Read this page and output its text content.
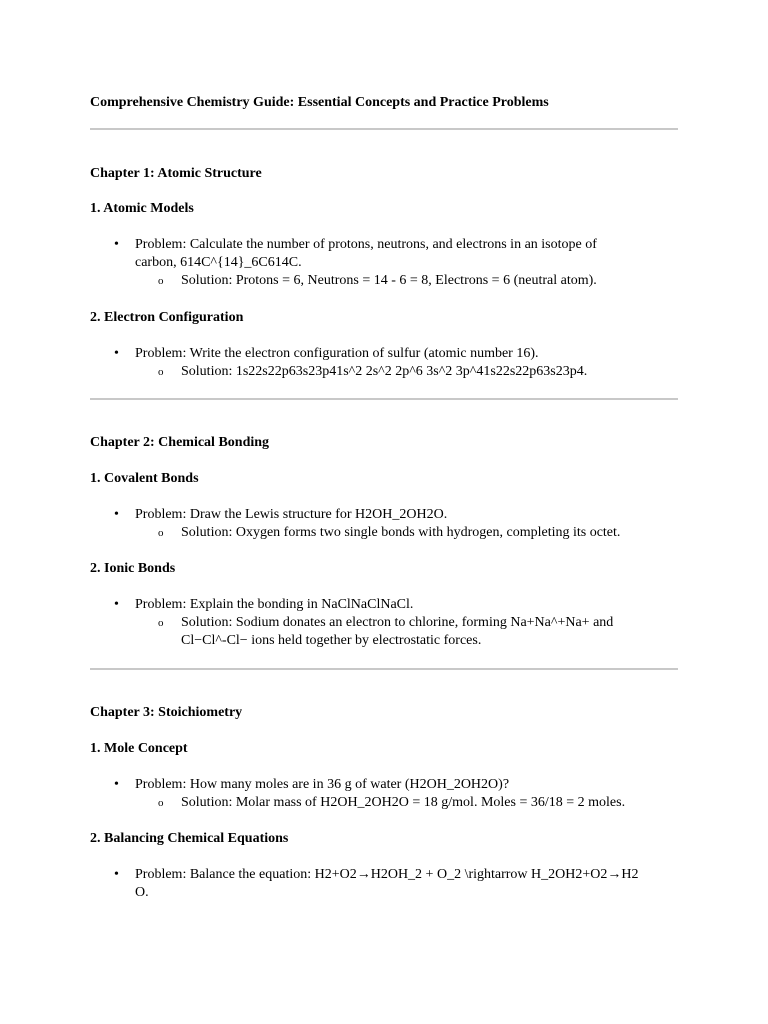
Comprehensive Chemistry Guide: Essential Concepts and Practice Problems
Chapter 1: Atomic Structure
1. Atomic Models
• Problem: Calculate the number of protons, neutrons, and electrons in an isotope of
carbon, 614C^{14}_6C614C.
o Solution: Protons = 6, Neutrons = 14 - 6 = 8, Electrons = 6 (neutral atom).
2. Electron Configuration
• Problem: Write the electron configuration of sulfur (atomic number 16).
o Solution: 1s22s22p63s23p41s^2 2s^2 2p^6 3s^2 3p^41s22s22p63s23p4.
Chapter 2: Chemical Bonding
1. Covalent Bonds
• Problem: Draw the Lewis structure for H2OH_2OH2O.
o Solution: Oxygen forms two single bonds with hydrogen, completing its octet.
2. Ionic Bonds
• Problem: Explain the bonding in NaClNaClNaCl.
o Solution: Sodium donates an electron to chlorine, forming Na+Na^+Na+ and
Cl−Cl^-Cl− ions held together by electrostatic forces.
Chapter 3: Stoichiometry
1. Mole Concept
• Problem: How many moles are in 36 g of water (H2OH_2OH2O)?
o Solution: Molar mass of H2OH_2OH2O = 18 g/mol. Moles = 36/18 = 2 moles.
2. Balancing Chemical Equations
• Problem: Balance the equation: H2+O2→H2OH_2 + O_2 \rightarrow H_2OH2+O2→H2
O.
